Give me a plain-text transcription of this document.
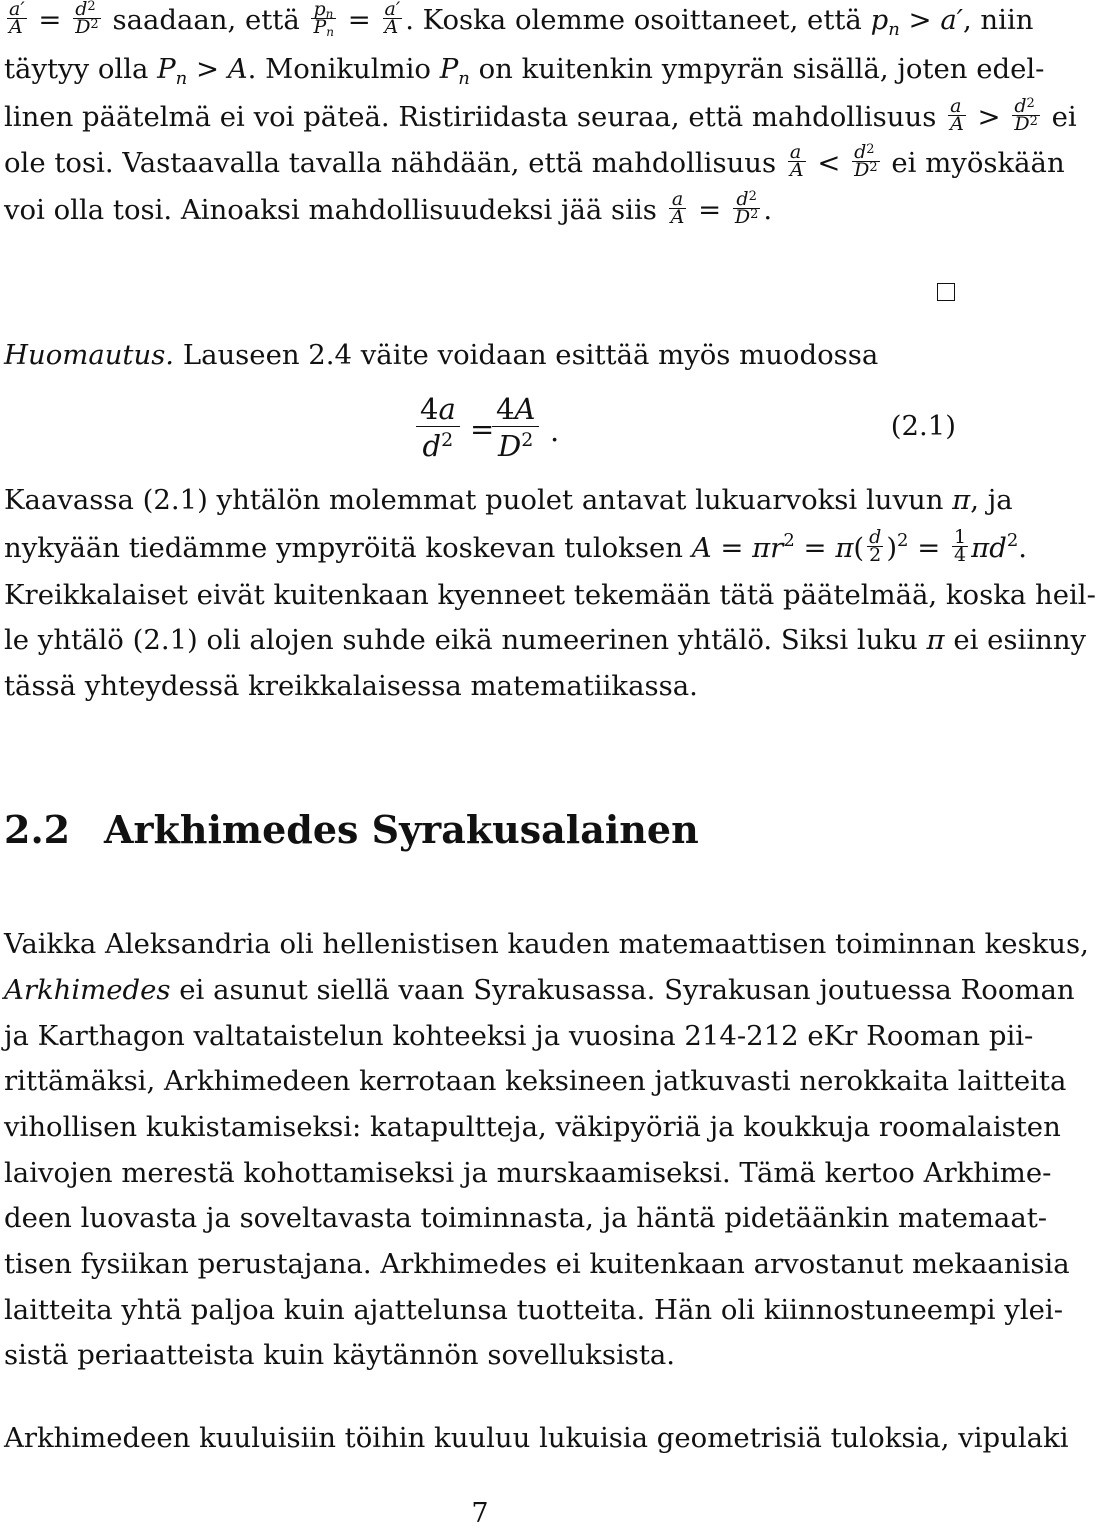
$\frac{a'}{A} = \frac{d^2}{D^2}$ saadaan, että $\frac{p_n}{P_n} = \frac{a'}{A}$ . Koska olemme osoittaneet, että $p_n > a'$, niin
täytyy olla $P_n > A$. Monikulmio $P_n$ on kuitenkin ympyrän sisällä, joten edel-
linen päätelmä ei voi päteä. Ristiriidasta seuraa, että mahdollisuus $\frac{a}{A} > \frac{d^2}{D^2}$ ei
ole tosi. Vastaavalla tavalla nähdään, että mahdollisuus $\frac{a}{A} < \frac{d^2}{D^2}$ ei myöskään
voi olla tosi. Ainoaksi mahdollisuudeksi jää siis $\frac{a}{A} = \frac{d^2}{D^2}$ .
Huomautus. Lauseen 2.4 väite voidaan esittää myös muodossa
$\frac{4a}{d^2}$ =
$\frac{4A}{D^2}$ .	(2.1)
Kaavassa (2.1) yhtälön molemmat puolet antavat lukuarvoksi luvun π, ja
nykyään tiedämme ympyröitä koskevan tuloksen $A = \pi r^2 = \pi( \frac{d}{2} )^2 = \frac{1}{4} \pi d^2$.
Kreikkalaiset eivät kuitenkaan kyenneet tekemään tätä päätelmää, koska heil-
le yhtälö (2.1) oli alojen suhde eikä numeerinen yhtälö. Siksi luku π ei esiinny
tässä yhteydessä kreikkalaisessa matematiikassa.
2.2 Arkhimedes Syrakusalainen
Vaikka Aleksandria oli hellenistisen kauden matemaattisen toiminnan keskus,
Arkhimedes ei asunut siellä vaan Syrakusassa. Syrakusan joutuessa Rooman
ja Karthagon valtataistelun kohteeksi ja vuosina 214-212 eKr Rooman pii-
rittämäksi, Arkhimedeen kerrotaan keksineen jatkuvasti nerokkaita laitteita
vihollisen kukistamiseksi: katapultteja, väkipyöriä ja koukkuja roomalaisten
laivojen merestä kohottamiseksi ja murskaamiseksi. Tämä kertoo Arkhime-
deen luovasta ja soveltavasta toiminnasta, ja häntä pidetäänkin matemaat-
tisen fysiikan perustajana. Arkhimedes ei kuitenkaan arvostanut mekaanisia
laitteita yhtä paljoa kuin ajattelunsa tuotteita. Hän oli kiinnostuneempi ylei-
sistä periaatteista kuin käytännön sovelluksista.
Arkhimedeen kuuluisiin töihin kuuluu lukuisia geometrisiä tuloksia, vipulaki
7
